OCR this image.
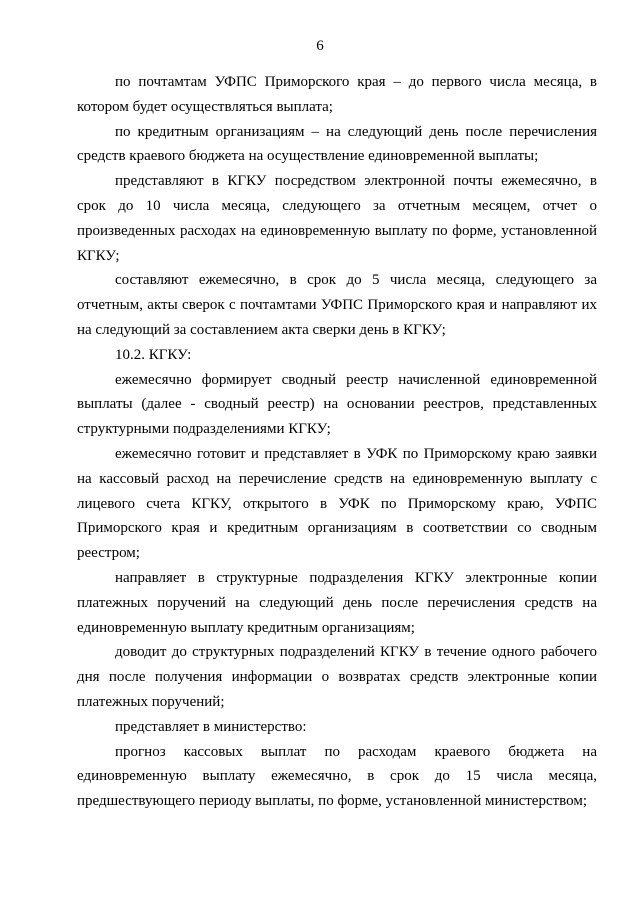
6

по почтамтам УФПС Приморского края – до первого числа месяца, в котором будет осуществляться выплата;

по кредитным организациям – на следующий день после перечисления средств краевого бюджета на осуществление единовременной выплаты;

представляют в КГКУ посредством электронной почты ежемесячно, в срок до 10 числа месяца, следующего за отчетным месяцем, отчет о произведенных расходах на единовременную выплату по форме, установленной КГКУ;

составляют ежемесячно, в срок до 5 числа месяца, следующего за отчетным, акты сверок с почтамтами УФПС Приморского края и направляют их на следующий за составлением акта сверки день в КГКУ;

10.2. КГКУ:

ежемесячно формирует сводный реестр начисленной единовременной выплаты (далее - сводный реестр) на основании реестров, представленных структурными подразделениями КГКУ;

ежемесячно готовит и представляет в УФК по Приморскому краю заявки на кассовый расход на перечисление средств на единовременную выплату с лицевого счета КГКУ, открытого в УФК по Приморскому краю, УФПС Приморского края и кредитным организациям в соответствии со сводным реестром;

направляет в структурные подразделения КГКУ электронные копии платежных поручений на следующий день после перечисления средств на единовременную выплату кредитным организациям;

доводит до структурных подразделений КГКУ в течение одного рабочего дня после получения информации о возвратах средств электронные копии платежных поручений;

представляет в министерство:

прогноз кассовых выплат по расходам краевого бюджета на единовременную выплату ежемесячно, в срок до 15 числа месяца, предшествующего периоду выплаты, по форме, установленной министерством;
